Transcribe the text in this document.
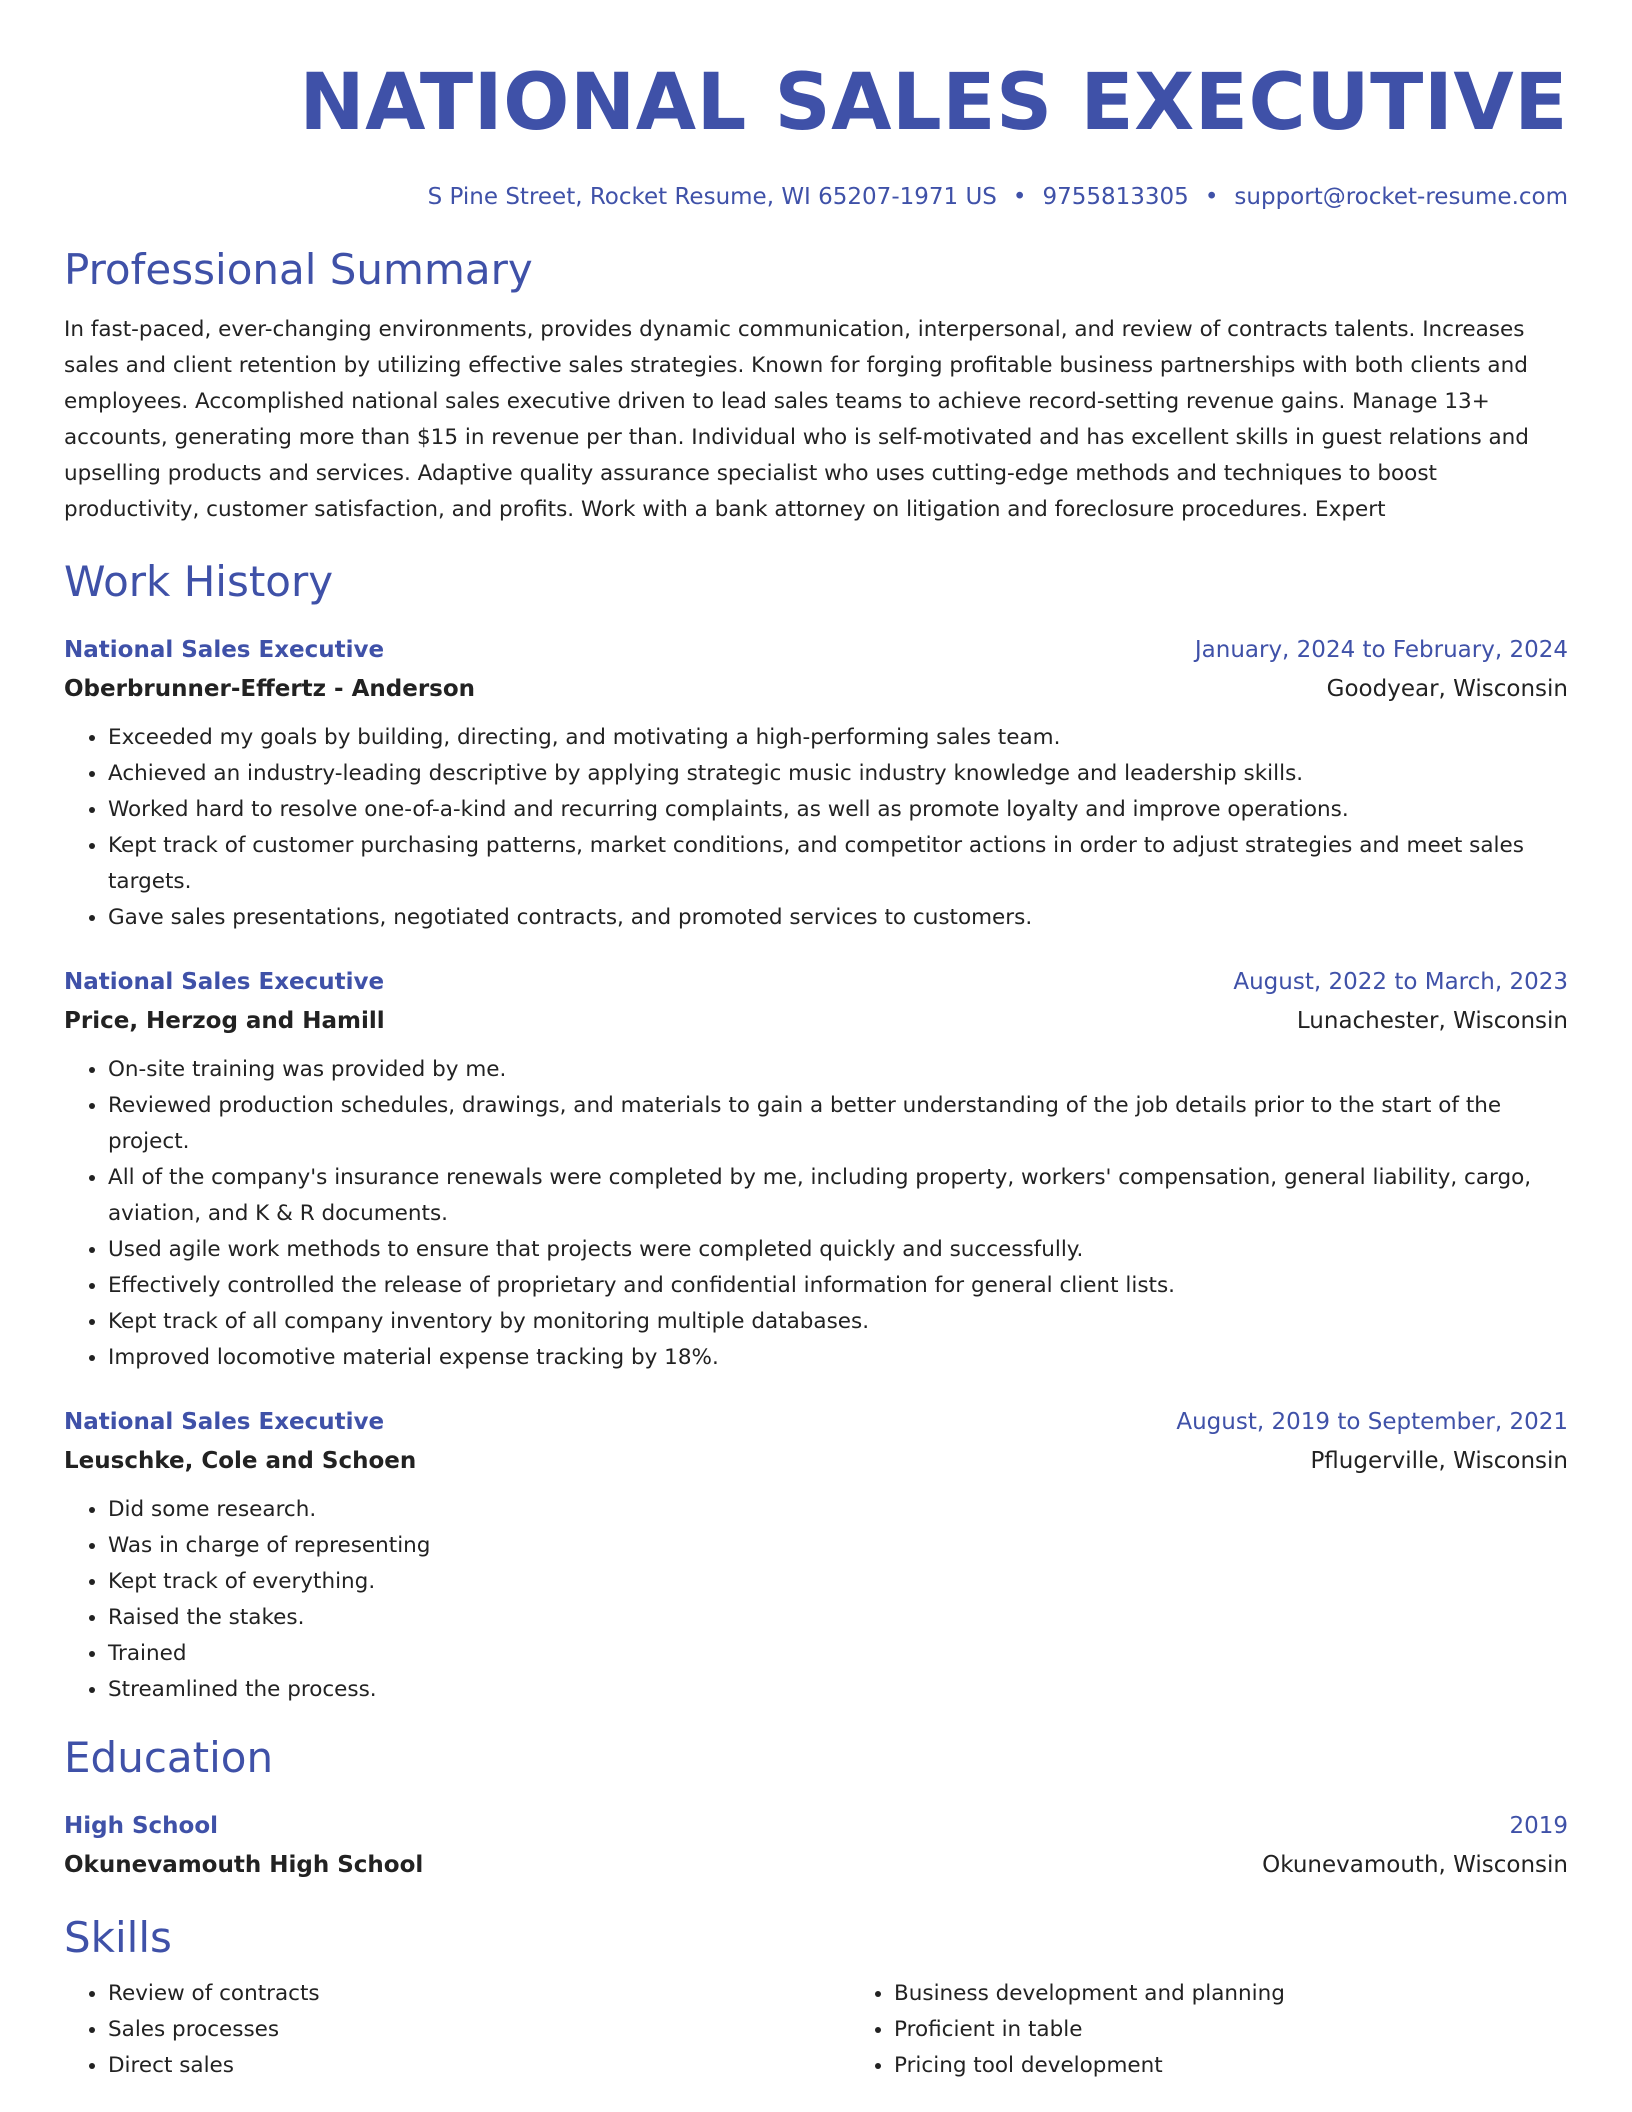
NATIONAL SALES EXECUTIVE
S Pine Street, Rocket Resume, WI 65207-1971 US • 9755813305 • support@rocket-resume.com
Professional Summary
In fast-paced, ever-changing environments, provides dynamic communication, interpersonal, and review of contracts talents. Increases sales and client retention by utilizing effective sales strategies. Known for forging profitable business partnerships with both clients and employees. Accomplished national sales executive driven to lead sales teams to achieve record-setting revenue gains. Manage 13+ accounts, generating more than $15 in revenue per than. Individual who is self-motivated and has excellent skills in guest relations and upselling products and services. Adaptive quality assurance specialist who uses cutting-edge methods and techniques to boost productivity, customer satisfaction, and profits. Work with a bank attorney on litigation and foreclosure procedures. Expert
Work History
National Sales Executive	January, 2024 to February, 2024
Oberbrunner-Effertz - Anderson	Goodyear, Wisconsin
• Exceeded my goals by building, directing, and motivating a high-performing sales team.
• Achieved an industry-leading descriptive by applying strategic music industry knowledge and leadership skills.
• Worked hard to resolve one-of-a-kind and recurring complaints, as well as promote loyalty and improve operations.
• Kept track of customer purchasing patterns, market conditions, and competitor actions in order to adjust strategies and meet sales targets.
• Gave sales presentations, negotiated contracts, and promoted services to customers.
National Sales Executive	August, 2022 to March, 2023
Price, Herzog and Hamill	Lunachester, Wisconsin
• On-site training was provided by me.
• Reviewed production schedules, drawings, and materials to gain a better understanding of the job details prior to the start of the project.
• All of the company's insurance renewals were completed by me, including property, workers' compensation, general liability, cargo, aviation, and K & R documents.
• Used agile work methods to ensure that projects were completed quickly and successfully.
• Effectively controlled the release of proprietary and confidential information for general client lists.
• Kept track of all company inventory by monitoring multiple databases.
• Improved locomotive material expense tracking by 18%.
National Sales Executive	August, 2019 to September, 2021
Leuschke, Cole and Schoen	Pflugerville, Wisconsin
• Did some research.
• Was in charge of representing
• Kept track of everything.
• Raised the stakes.
• Trained
• Streamlined the process.
Education
High School	2019
Okunevamouth High School	Okunevamouth, Wisconsin
Skills
• Review of contracts
• Sales processes
• Direct sales
• Business development and planning
• Proficient in table
• Pricing tool development
